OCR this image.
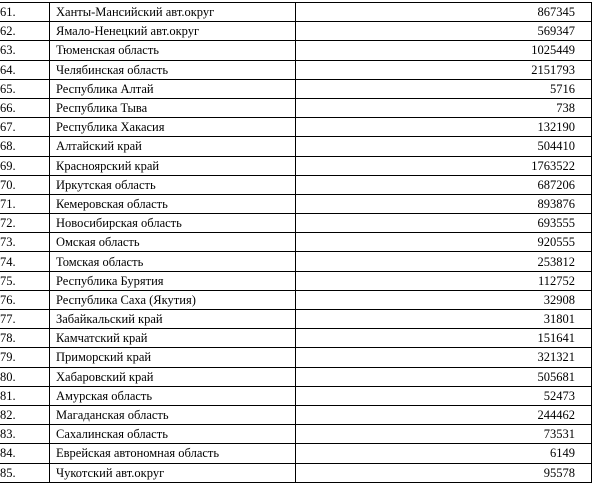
61.	Ханты-Мансийский авт.округ	867345
62.	Ямало-Ненецкий авт.округ	569347
63.	Тюменская область	1025449
64.	Челябинская область	2151793
65.	Республика Алтай	5716
66.	Республика Тыва	738
67.	Республика Хакасия	132190
68.	Алтайский край	504410
69.	Красноярский край	1763522
70.	Иркутская область	687206
71.	Кемеровская область	893876
72.	Новосибирская область	693555
73.	Омская область	920555
74.	Томская область	253812
75.	Республика Бурятия	112752
76.	Республика Саха (Якутия)	32908
77.	Забайкальский край	31801
78.	Камчатский край	151641
79.	Приморский край	321321
80.	Хабаровский край	505681
81.	Амурская область	52473
82.	Магаданская область	244462
83.	Сахалинская область	73531
84.	Еврейская автономная область	6149
85.	Чукотский авт.округ	95578
